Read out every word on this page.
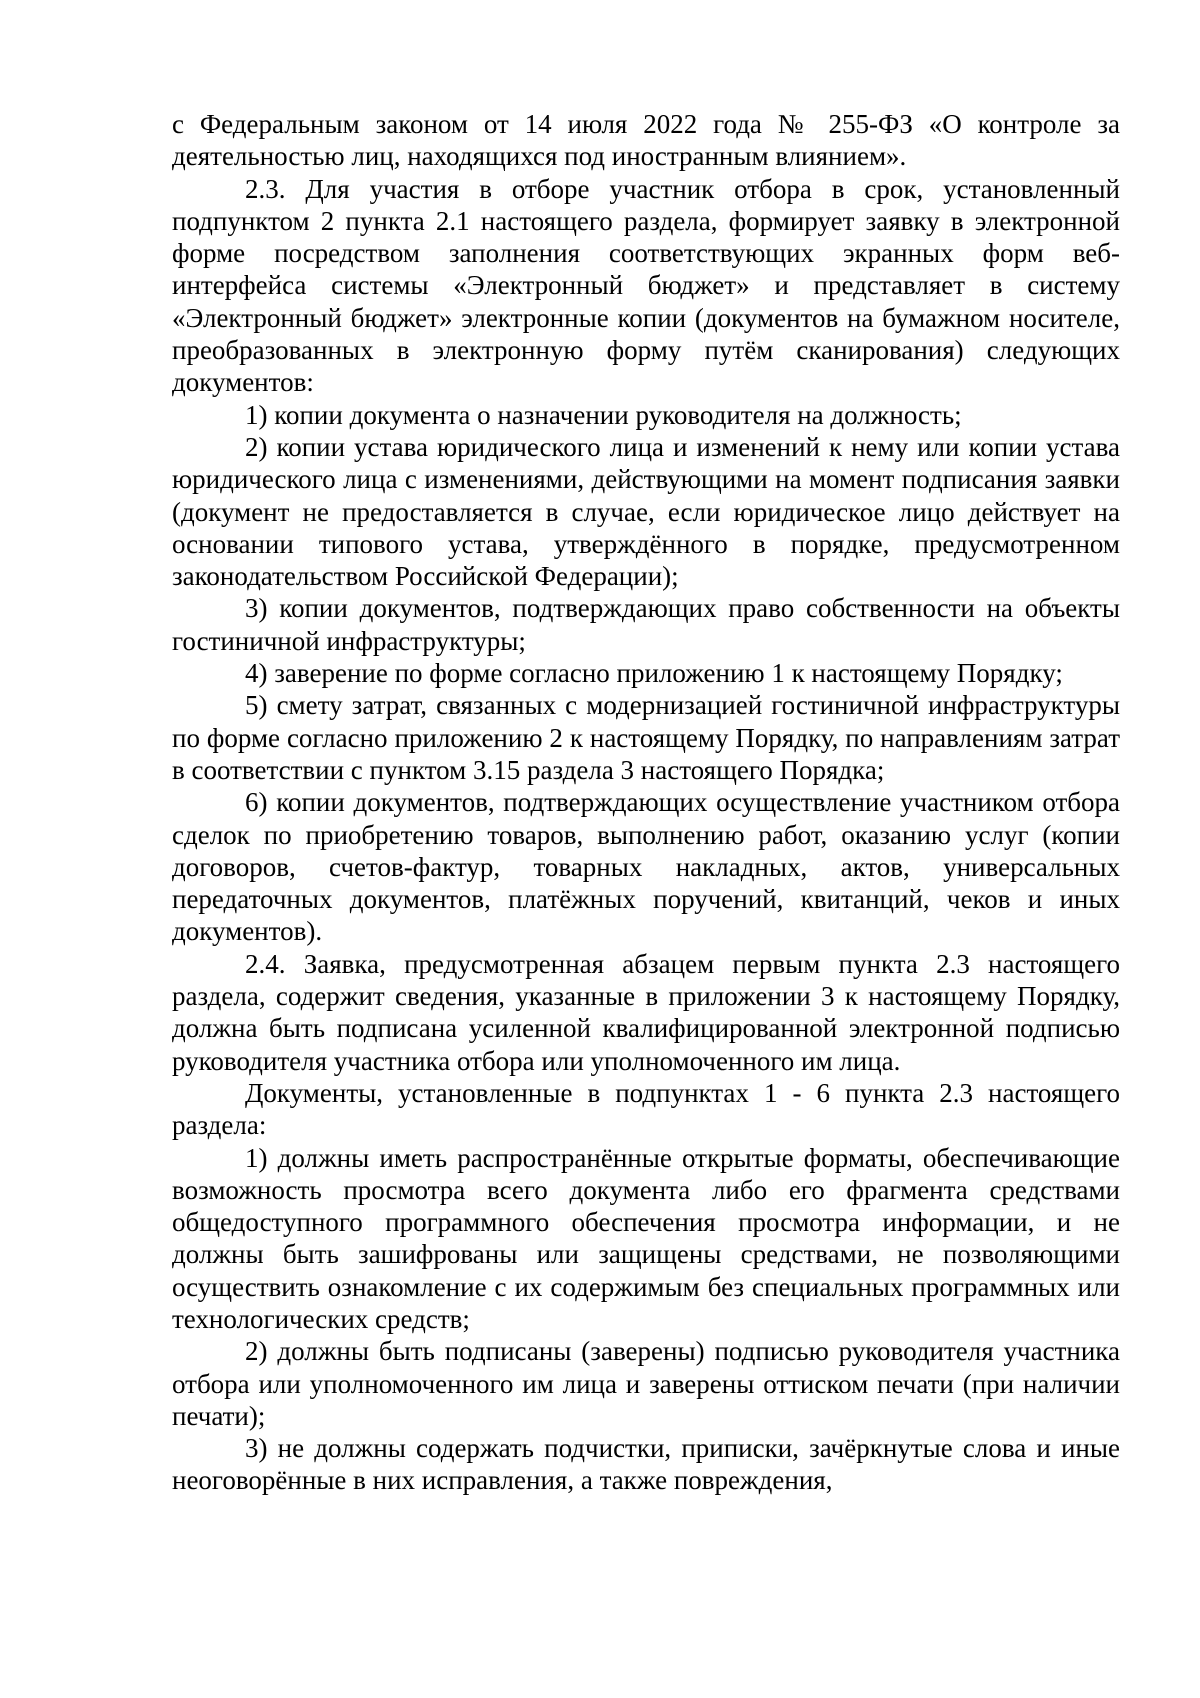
с Федеральным законом от 14 июля 2022 года № 255-ФЗ «О контроле за деятельностью лиц, находящихся под иностранным влиянием».

2.3. Для участия в отборе участник отбора в срок, установленный подпунктом 2 пункта 2.1 настоящего раздела, формирует заявку в электронной форме посредством заполнения соответствующих экранных форм веб-интерфейса системы «Электронный бюджет» и представляет в систему «Электронный бюджет» электронные копии (документов на бумажном носителе, преобразованных в электронную форму путём сканирования) следующих документов:

1) копии документа о назначении руководителя на должность;

2) копии устава юридического лица и изменений к нему или копии устава юридического лица с изменениями, действующими на момент подписания заявки (документ не предоставляется в случае, если юридическое лицо действует на основании типового устава, утверждённого в порядке, предусмотренном законодательством Российской Федерации);

3) копии документов, подтверждающих право собственности на объекты гостиничной инфраструктуры;

4) заверение по форме согласно приложению 1 к настоящему Порядку;

5) смету затрат, связанных с модернизацией гостиничной инфраструктуры по форме согласно приложению 2 к настоящему Порядку, по направлениям затрат в соответствии с пунктом 3.15 раздела 3 настоящего Порядка;

6) копии документов, подтверждающих осуществление участником отбора сделок по приобретению товаров, выполнению работ, оказанию услуг (копии договоров, счетов-фактур, товарных накладных, актов, универсальных передаточных документов, платёжных поручений, квитанций, чеков и иных документов).

2.4. Заявка, предусмотренная абзацем первым пункта 2.3 настоящего раздела, содержит сведения, указанные в приложении 3 к настоящему Порядку, должна быть подписана усиленной квалифицированной электронной подписью руководителя участника отбора или уполномоченного им лица.

Документы, установленные в подпунктах 1 - 6 пункта 2.3 настоящего раздела:

1) должны иметь распространённые открытые форматы, обеспечивающие возможность просмотра всего документа либо его фрагмента средствами общедоступного программного обеспечения просмотра информации, и не должны быть зашифрованы или защищены средствами, не позволяющими осуществить ознакомление с их содержимым без специальных программных или технологических средств;

2) должны быть подписаны (заверены) подписью руководителя участника отбора или уполномоченного им лица и заверены оттиском печати (при наличии печати);

3) не должны содержать подчистки, приписки, зачёркнутые слова и иные неоговорённые в них исправления, а также повреждения,
